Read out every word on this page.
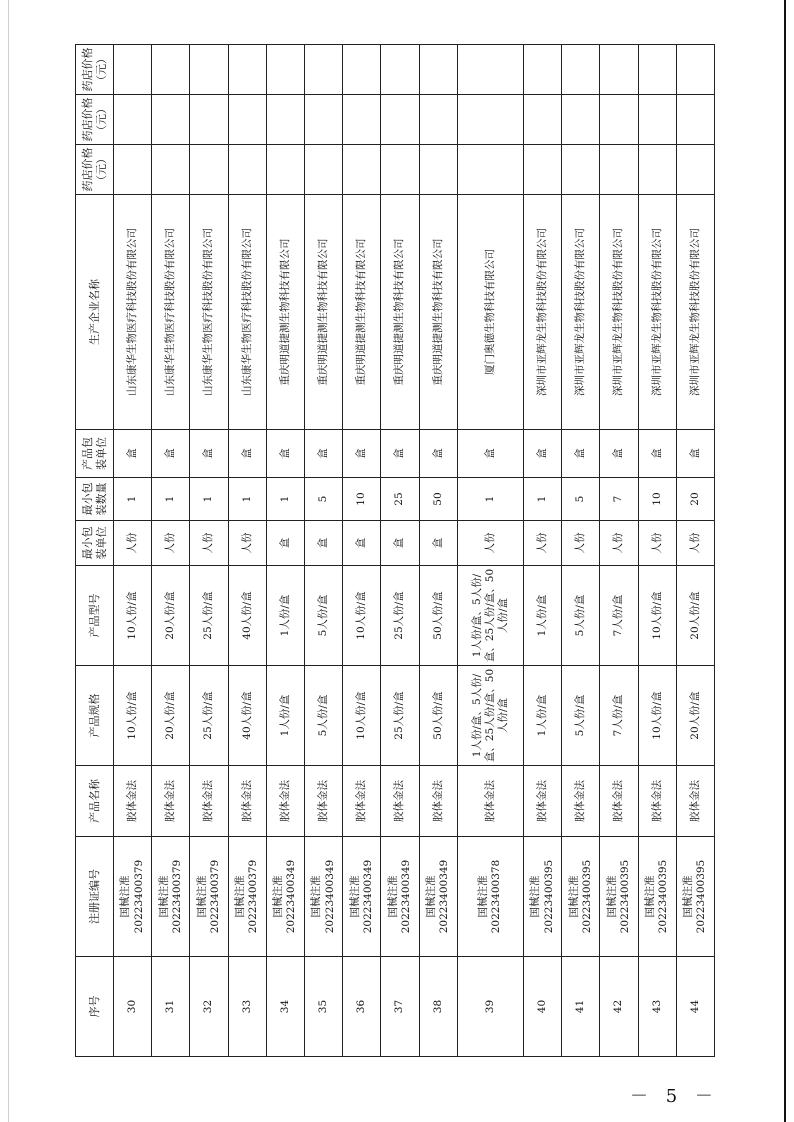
序号	注册证编号	产品名称	产品规格	产品型号	最小包装单位	最小包装数量	产品包装单位	生产企业名称	药店价格（元）	药店价格（元）	药店价格（元）
30	国械注准20223400379	胶体金法	10人份/盒	10人份/盒	人份	1	盒	山东康华生物医疗科技股份有限公司			
31	国械注准20223400379	胶体金法	20人份/盒	20人份/盒	人份	1	盒	山东康华生物医疗科技股份有限公司			
32	国械注准20223400379	胶体金法	25人份/盒	25人份/盒	人份	1	盒	山东康华生物医疗科技股份有限公司			
33	国械注准20223400379	胶体金法	40人份/盒	40人份/盒	人份	1	盒	山东康华生物医疗科技股份有限公司			
34	国械注准20223400349	胶体金法	1人份/盒	1人份/盒	盒	1	盒	重庆明道捷测生物科技有限公司			
35	国械注准20223400349	胶体金法	5人份/盒	5人份/盒	盒	5	盒	重庆明道捷测生物科技有限公司			
36	国械注准20223400349	胶体金法	10人份/盒	10人份/盒	盒	10	盒	重庆明道捷测生物科技有限公司			
37	国械注准20223400349	胶体金法	25人份/盒	25人份/盒	盒	25	盒	重庆明道捷测生物科技有限公司			
38	国械注准20223400349	胶体金法	50人份/盒	50人份/盒	盒	50	盒	重庆明道捷测生物科技有限公司			
39	国械注准20223400378	胶体金法	1人份/盒、5人份/盒、25人份/盒、50人份/盒	1人份/盒、5人份/盒、25人份/盒、50人份/盒	人份	1	盒	厦门奥德生物科技有限公司			
40	国械注准20223400395	胶体金法	1人份/盒	1人份/盒	人份	1	盒	深圳市亚辉龙生物科技股份有限公司			
41	国械注准20223400395	胶体金法	5人份/盒	5人份/盒	人份	5	盒	深圳市亚辉龙生物科技股份有限公司			
42	国械注准20223400395	胶体金法	7人份/盒	7人份/盒	人份	7	盒	深圳市亚辉龙生物科技股份有限公司			
43	国械注准20223400395	胶体金法	10人份/盒	10人份/盒	人份	10	盒	深圳市亚辉龙生物科技股份有限公司			
44	国械注准20223400395	胶体金法	20人份/盒	20人份/盒	人份	20	盒	深圳市亚辉龙生物科技股份有限公司			
－ 5 －
